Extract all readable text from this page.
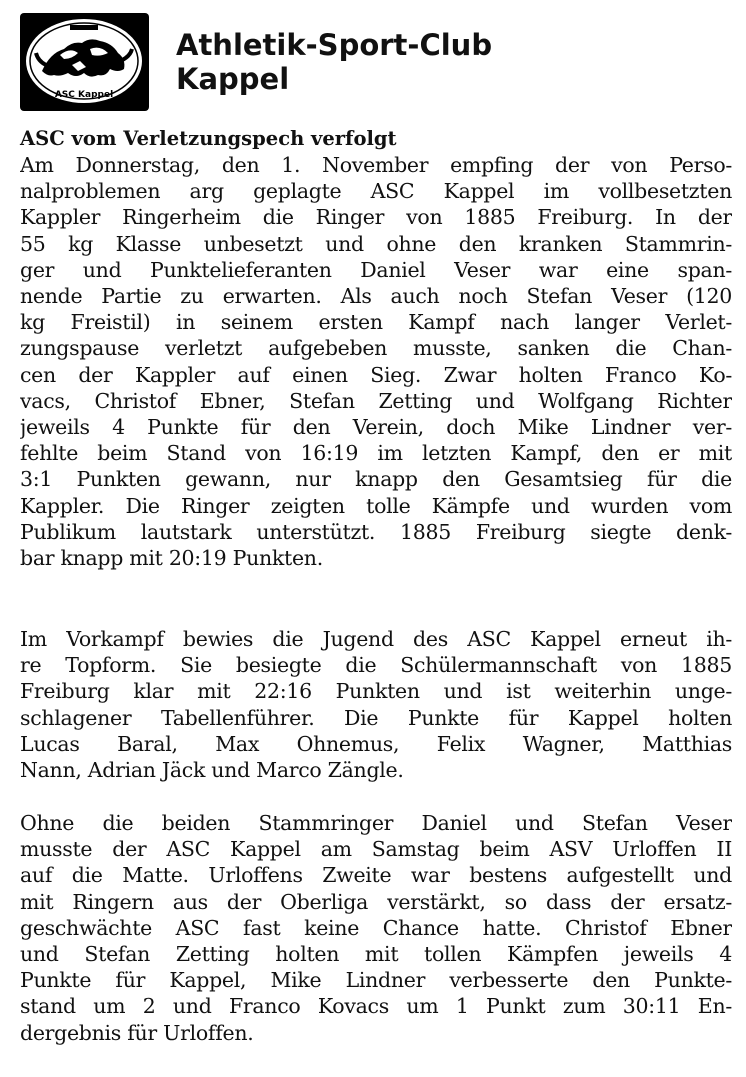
ASC Kappel
Athletik-Sport-Club
Kappel
ASC vom Verletzungspech verfolgt

Am Donnerstag, den 1. November empfing der von Perso-
nalproblemen arg geplagte ASC Kappel im vollbesetzten
Kappler Ringerheim die Ringer von 1885 Freiburg. In der
55 kg Klasse unbesetzt und ohne den kranken Stammrin-
ger und Punktelieferanten Daniel Veser war eine span-
nende Partie zu erwarten. Als auch noch Stefan Veser (120
kg Freistil) in seinem ersten Kampf nach langer Verlet-
zungspause verletzt aufgebeben musste, sanken die Chan-
cen der Kappler auf einen Sieg. Zwar holten Franco Ko-
vacs, Christof Ebner, Stefan Zetting und Wolfgang Richter
jeweils 4 Punkte für den Verein, doch Mike Lindner ver-
fehlte beim Stand von 16:19 im letzten Kampf, den er mit
3:1 Punkten gewann, nur knapp den Gesamtsieg für die
Kappler. Die Ringer zeigten tolle Kämpfe und wurden vom
Publikum lautstark unterstützt. 1885 Freiburg siegte denk-
bar knapp mit 20:19 Punkten.

Im Vorkampf bewies die Jugend des ASC Kappel erneut ih-
re Topform. Sie besiegte die Schülermannschaft von 1885
Freiburg klar mit 22:16 Punkten und ist weiterhin unge-
schlagener Tabellenführer. Die Punkte für Kappel holten
Lucas Baral, Max Ohnemus, Felix Wagner, Matthias
Nann, Adrian Jäck und Marco Zängle.

Ohne die beiden Stammringer Daniel und Stefan Veser
musste der ASC Kappel am Samstag beim ASV Urloffen II
auf die Matte. Urloffens Zweite war bestens aufgestellt und
mit Ringern aus der Oberliga verstärkt, so dass der ersatz-
geschwächte ASC fast keine Chance hatte. Christof Ebner
und Stefan Zetting holten mit tollen Kämpfen jeweils 4
Punkte für Kappel, Mike Lindner verbesserte den Punkte-
stand um 2 und Franco Kovacs um 1 Punkt zum 30:11 En-
dergebnis für Urloffen.
